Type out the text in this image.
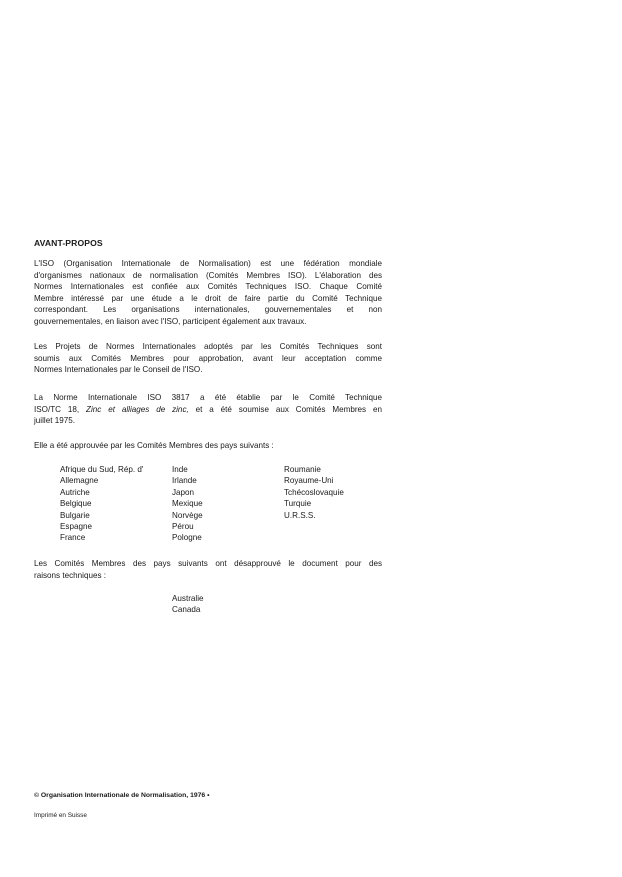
AVANT-PROPOS
L'ISO (Organisation Internationale de Normalisation) est une fédération mondiale
d'organismes nationaux de normalisation (Comités Membres ISO). L'élaboration des
Normes Internationales est confiée aux Comités Techniques ISO. Chaque Comité
Membre intéressé par une étude a le droit de faire partie du Comité Technique
correspondant. Les organisations internationales, gouvernementales et non
gouvernementales, en liaison avec l'ISO, participent également aux travaux.
Les Projets de Normes Internationales adoptés par les Comités Techniques sont
soumis aux Comités Membres pour approbation, avant leur acceptation comme
Normes Internationales par le Conseil de l'ISO.
La Norme Internationale ISO 3817 a été établie par le Comité Technique
ISO/TC 18, Zinc et alliages de zinc, et a été soumise aux Comités Membres en
juillet 1975.
Elle a été approuvée par les Comités Membres des pays suivants :
Afrique du Sud, Rép. d'
Allemagne
Autriche
Belgique
Bulgarie
Espagne
France
Inde
Irlande
Japon
Mexique
Norvège
Pérou
Pologne
Roumanie
Royaume-Uni
Tchécoslovaquie
Turquie
U.R.S.S.
Les Comités Membres des pays suivants ont désapprouvé le document pour des
raisons techniques :
Australie
Canada
© Organisation Internationale de Normalisation, 1976 •
Imprimé en Suisse
